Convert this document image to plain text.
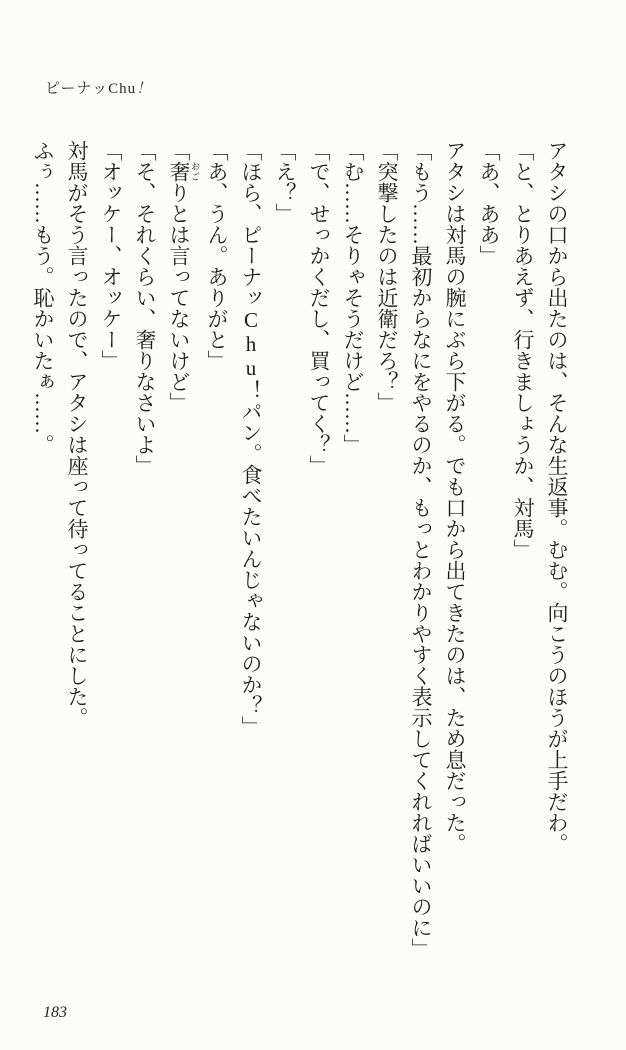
ピーナッChu！

アタシの口から出たのは、そんな生返事。むむ。向こうのほうが上手だわ。

「と、とりあえず、行きましょうか、対馬」

「あ、ああ」

アタシは対馬の腕にぶら下がる。でも口から出てきたのは、ため息だった。

「もう……最初からなにをやるのか、もっとわかりやすく表示してくれればいいのに」

「突撃したのは近衛だろ？」

「む……そりゃそうだけど……」

「で、せっかくだし、買ってく？」

「え？」

「ほら、ピーナッChu！パン。食べたいんじゃないのか？」

「あ、うん。ありがと」

「奢 おごりとは言ってないけど」

「そ、それくらい、奢りなさいよ」

「オッケー、オッケー」

対馬がそう言ったので、アタシは座って待ってることにした。

ふぅ……もう。恥かいたぁ……。

183
